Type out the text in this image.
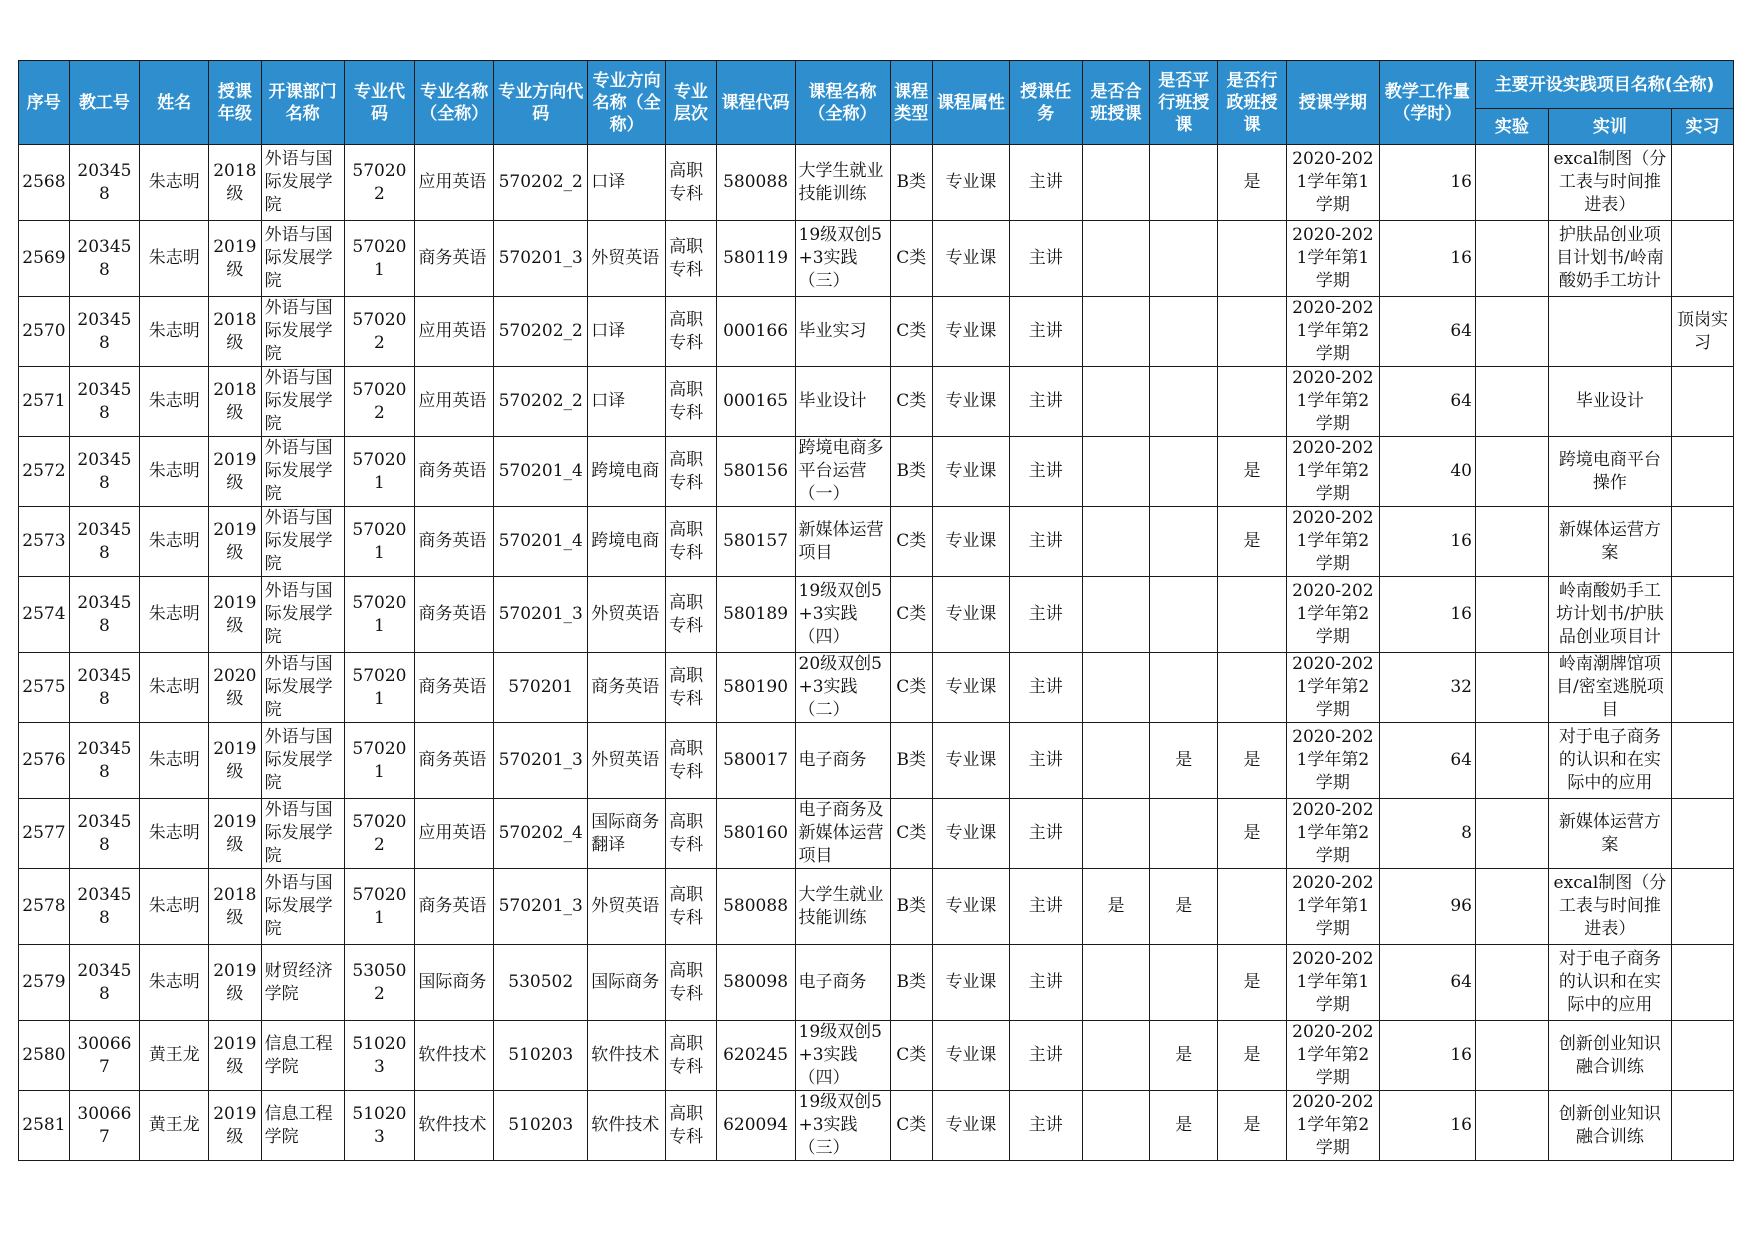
序号	教工号	姓名	授课年级	开课部门名称	专业代码	专业名称（全称）	专业方向代码	专业方向名称（全称）	专业层次	课程代码	课程名称（全称）	课程类型	课程属性	授课任务	是否合班授课	是否平行班授课	是否行政班授课	授课学期	教学工作量（学时）	主要开设实践项目名称(全称)		
																				实验	实训	实习

2568	203458	朱志明	2018级	外语与国际发展学院	570202	应用英语	570202_2	口译	高职专科	580088	大学生就业技能训练	B类	专业课	主讲			是	2020-2021学年第1学期	16		excal制图（分工表与时间推进表）	

2569	203458	朱志明	2019级	外语与国际发展学院	570201	商务英语	570201_3	外贸英语	高职专科	580119	19级双创5+3实践（三）	C类	专业课	主讲				2020-2021学年第1学期	16		护肤品创业项目计划书/岭南酸奶手工坊计	

2570	203458	朱志明	2018级	外语与国际发展学院	570202	应用英语	570202_2	口译	高职专科	000166	毕业实习	C类	专业课	主讲				2020-2021学年第2学期	64			顶岗实习

2571	203458	朱志明	2018级	外语与国际发展学院	570202	应用英语	570202_2	口译	高职专科	000165	毕业设计	C类	专业课	主讲				2020-2021学年第2学期	64		毕业设计	

2572	203458	朱志明	2019级	外语与国际发展学院	570201	商务英语	570201_4	跨境电商	高职专科	580156	跨境电商多平台运营（一）	B类	专业课	主讲			是	2020-2021学年第2学期	40		跨境电商平台操作	

2573	203458	朱志明	2019级	外语与国际发展学院	570201	商务英语	570201_4	跨境电商	高职专科	580157	新媒体运营项目	C类	专业课	主讲			是	2020-2021学年第2学期	16		新媒体运营方案	

2574	203458	朱志明	2019级	外语与国际发展学院	570201	商务英语	570201_3	外贸英语	高职专科	580189	19级双创5+3实践（四）	C类	专业课	主讲				2020-2021学年第2学期	16		岭南酸奶手工坊计划书/护肤品创业项目计	

2575	203458	朱志明	2020级	外语与国际发展学院	570201	商务英语	570201	商务英语	高职专科	580190	20级双创5+3实践（二）	C类	专业课	主讲				2020-2021学年第2学期	32		岭南潮牌馆项目/密室逃脱项目	

2576	203458	朱志明	2019级	外语与国际发展学院	570201	商务英语	570201_3	外贸英语	高职专科	580017	电子商务	B类	专业课	主讲		是	是	2020-2021学年第2学期	64		对于电子商务的认识和在实际中的应用	

2577	203458	朱志明	2019级	外语与国际发展学院	570202	应用英语	570202_4	国际商务翻译	高职专科	580160	电子商务及新媒体运营项目	C类	专业课	主讲			是	2020-2021学年第2学期	8		新媒体运营方案	

2578	203458	朱志明	2018级	外语与国际发展学院	570201	商务英语	570201_3	外贸英语	高职专科	580088	大学生就业技能训练	B类	专业课	主讲	是	是		2020-2021学年第1学期	96		excal制图（分工表与时间推进表）	

2579	203458	朱志明	2019级	财贸经济学院	530502	国际商务	530502	国际商务	高职专科	580098	电子商务	B类	专业课	主讲			是	2020-2021学年第1学期	64		对于电子商务的认识和在实际中的应用	

2580	300667	黄王龙	2019级	信息工程学院	510203	软件技术	510203	软件技术	高职专科	620245	19级双创5+3实践（四）	C类	专业课	主讲		是	是	2020-2021学年第2学期	16		创新创业知识融合训练	

2581	300667	黄王龙	2019级	信息工程学院	510203	软件技术	510203	软件技术	高职专科	620094	19级双创5+3实践（三）	C类	专业课	主讲		是	是	2020-2021学年第2学期	16		创新创业知识融合训练	
